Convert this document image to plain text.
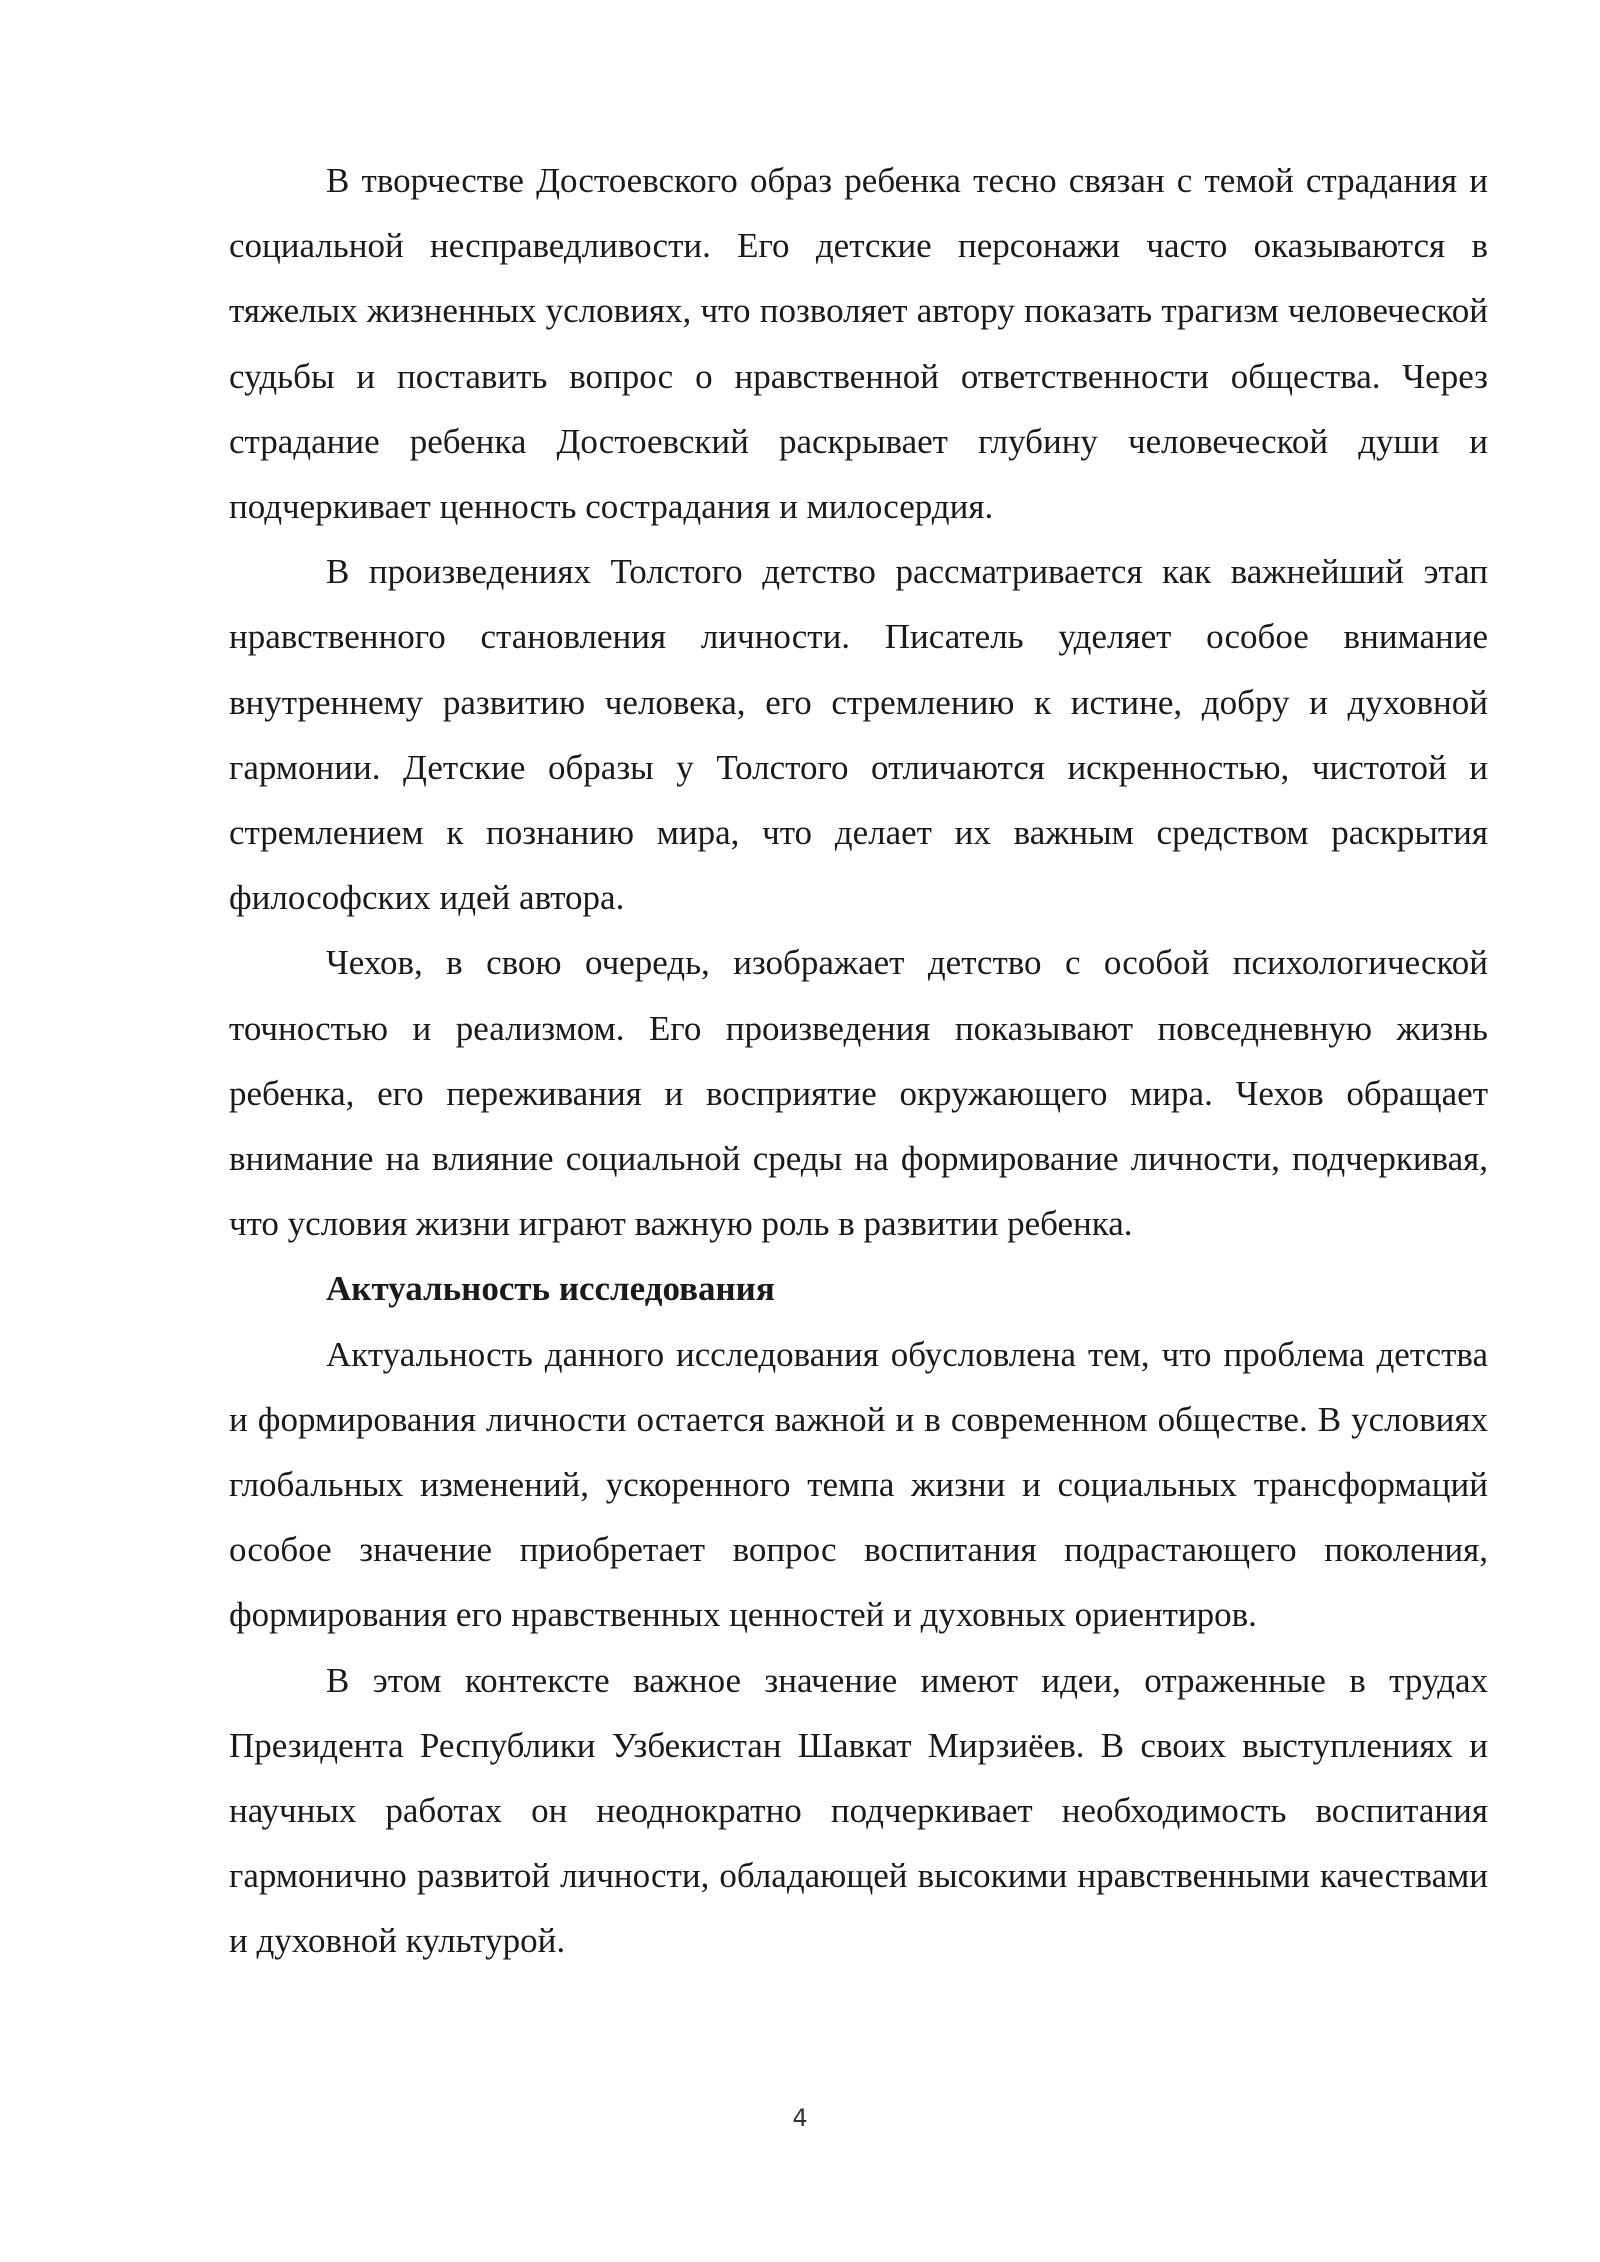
В творчестве Достоевского образ ребенка тесно связан с темой страдания и социальной несправедливости. Его детские персонажи часто оказываются в тяжелых жизненных условиях, что позволяет автору показать трагизм человеческой судьбы и поставить вопрос о нравственной ответственности общества. Через страдание ребенка Достоевский раскрывает глубину человеческой души и подчеркивает ценность сострадания и милосердия.

В произведениях Толстого детство рассматривается как важнейший этап нравственного становления личности. Писатель уделяет особое внимание внутреннему развитию человека, его стремлению к истине, добру и духовной гармонии. Детские образы у Толстого отличаются искренностью, чистотой и стремлением к познанию мира, что делает их важным средством раскрытия философских идей автора.

Чехов, в свою очередь, изображает детство с особой психологической точностью и реализмом. Его произведения показывают повседневную жизнь ребенка, его переживания и восприятие окружающего мира. Чехов обращает внимание на влияние социальной среды на формирование личности, подчеркивая, что условия жизни играют важную роль в развитии ребенка.

Актуальность исследования

Актуальность данного исследования обусловлена тем, что проблема детства и формирования личности остается важной и в современном обществе. В условиях глобальных изменений, ускоренного темпа жизни и социальных трансформаций особое значение приобретает вопрос воспитания подрастающего поколения, формирования его нравственных ценностей и духовных ориентиров.

В этом контексте важное значение имеют идеи, отраженные в трудах Президента Республики Узбекистан Шавкат Мирзиёев. В своих выступлениях и научных работах он неоднократно подчеркивает необходимость воспитания гармонично развитой личности, обладающей высокими нравственными качествами и духовной культурой.

4
